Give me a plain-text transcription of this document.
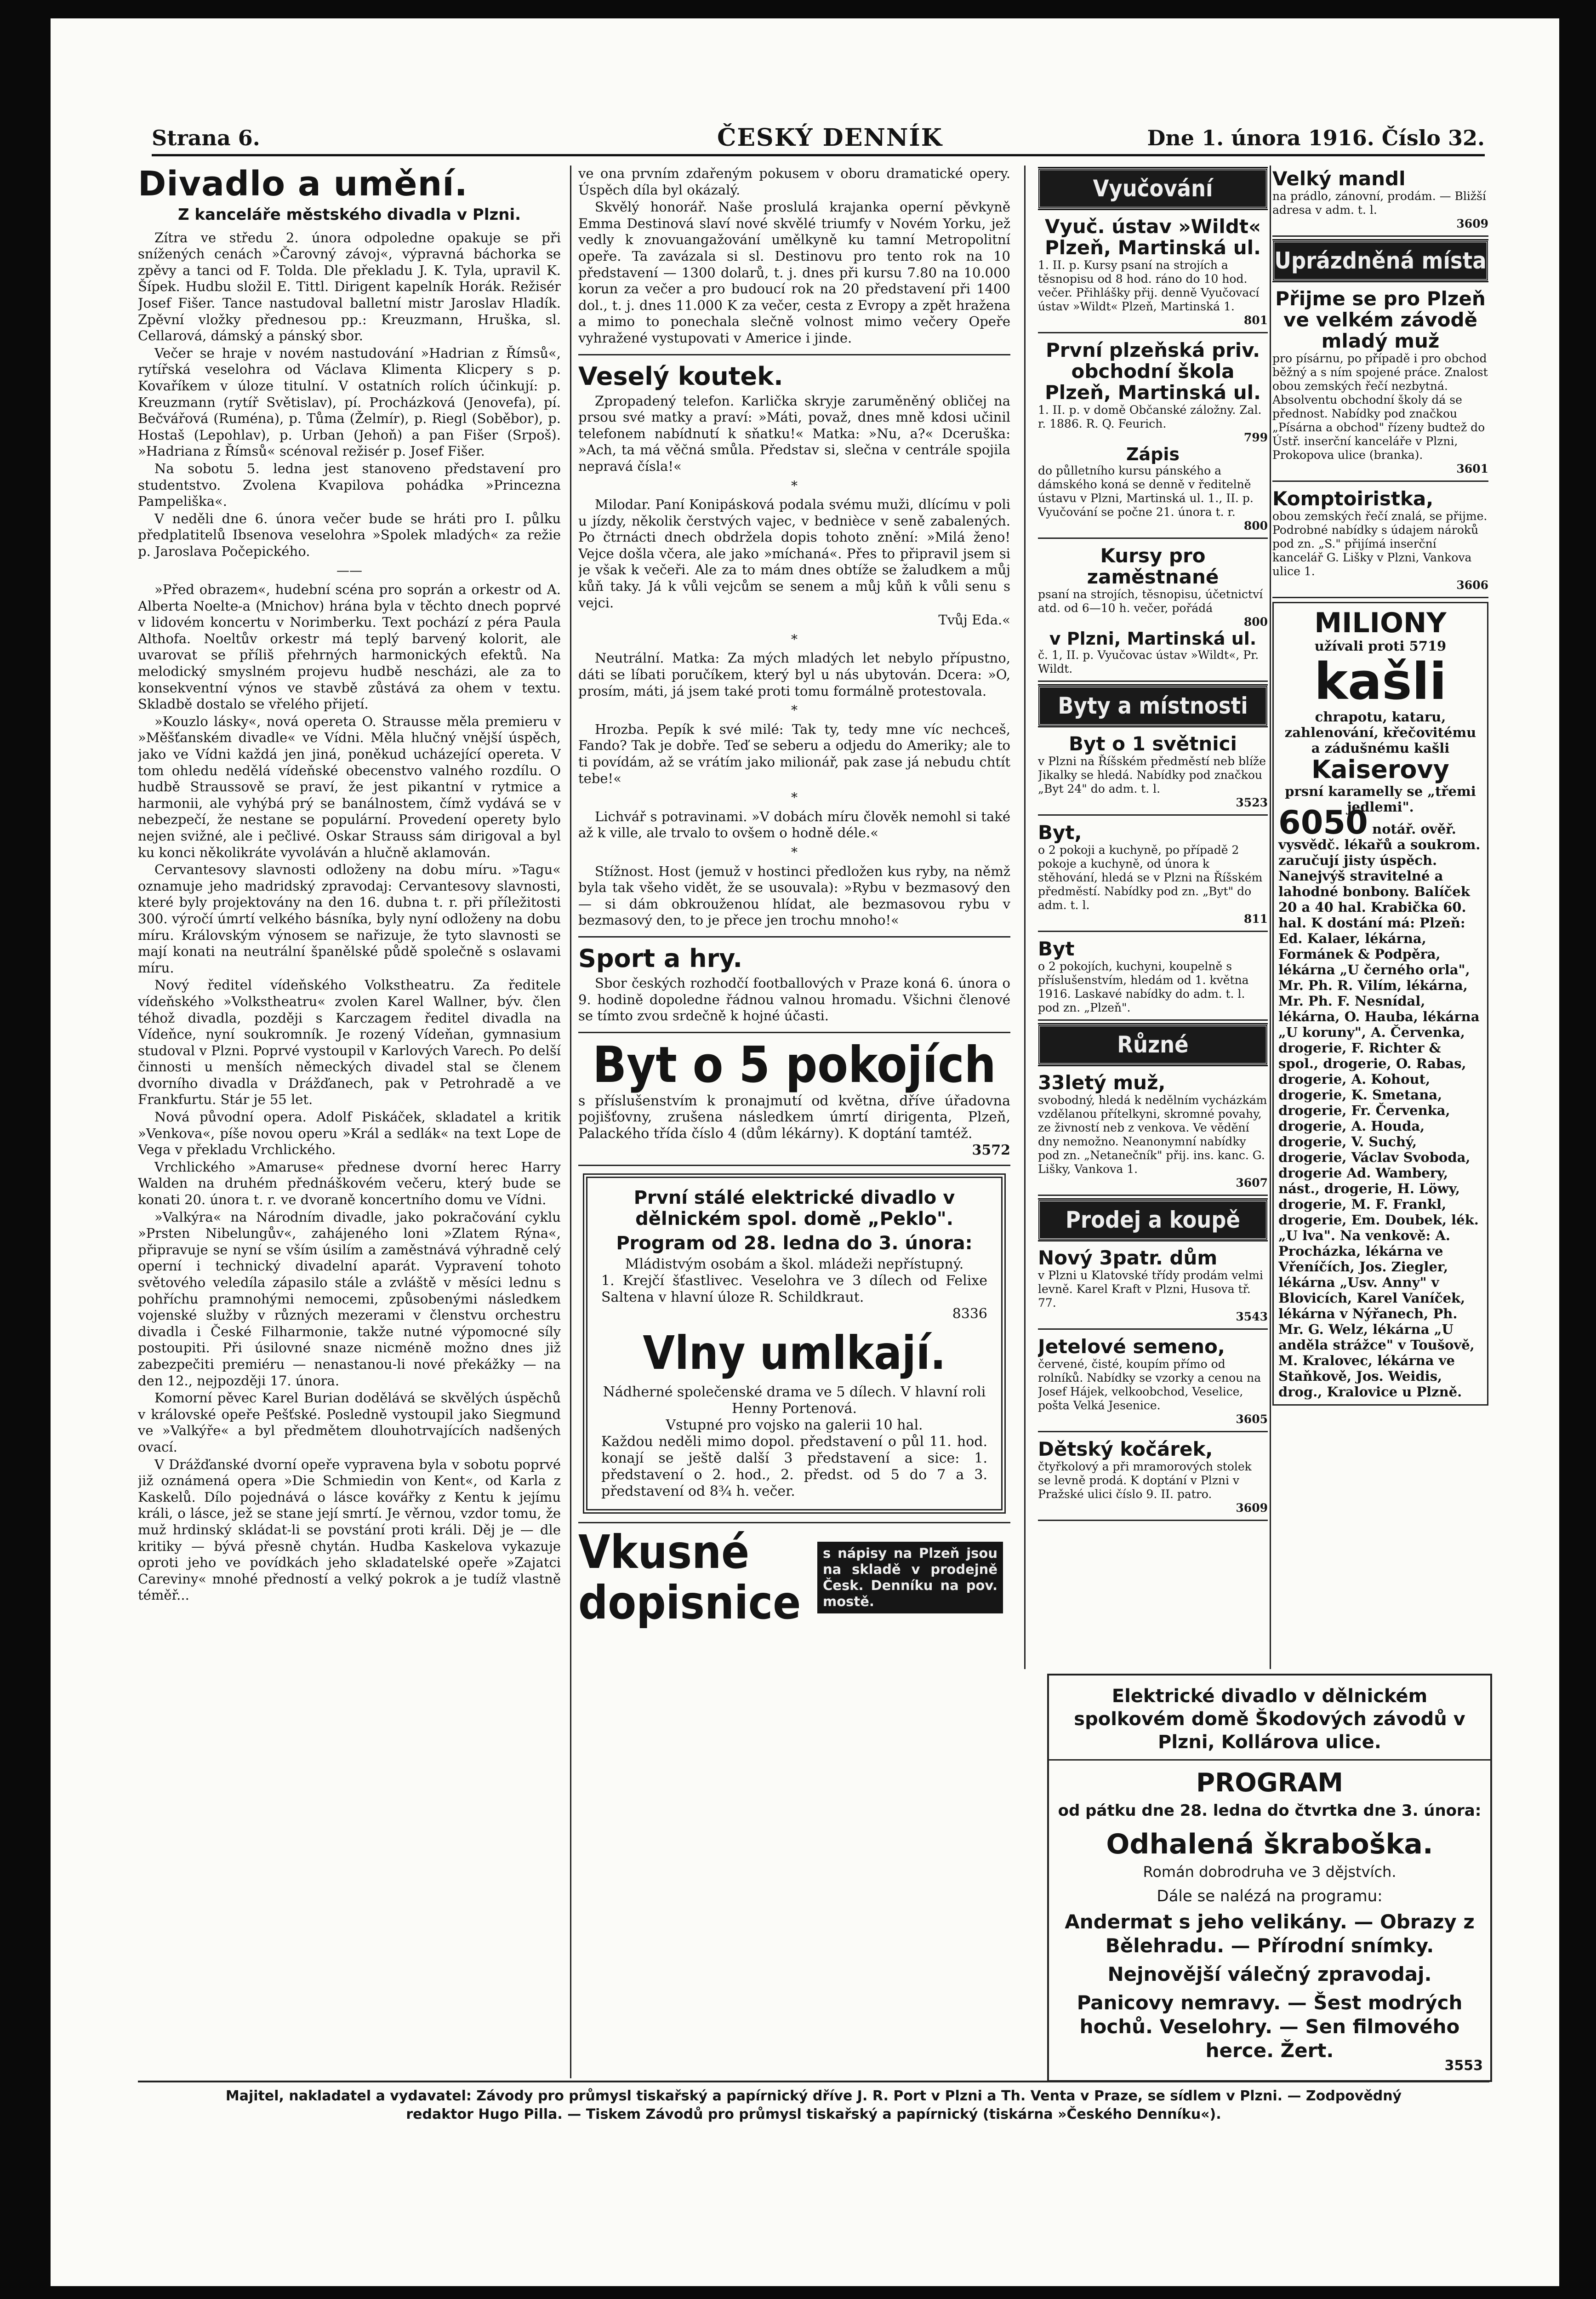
Strana 6.	ČESKÝ DENNÍK	Dne 1. února 1916. Číslo 32.
Divadlo a umění.
Z kanceláře městského divadla v Plzni.

Zítra ve středu 2. února odpoledne opakuje se při snížených cenách »Čarovný závoj«, výpravná báchorka se zpěvy a tanci od F. Tolda. Dle překladu J. K. Tyla, upravil K. Šípek. Hudbu složil E. Tittl. Dirigent kapelník Horák. Režisér Josef Fišer. Tance nastudoval balletní mistr Jaroslav Hladík. Zpěvní vložky přednesou pp.: Kreuzmann, Hruška, sl. Cellarová, dámský a pánský sbor.

Večer se hraje v novém nastudování »Hadrian z Římsů«, rytířská veselohra od Václava Klimenta Klicpery s p. Kovaříkem v úloze titulní. V ostatních rolích účinkují: p. Kreuzmann (rytíř Světislav), pí. Procházková (Jenovefa), pí. Bečvářová (Ruména), p. Tůma (Želmír), p. Riegl (Soběbor), p. Hostaš (Lepohlav), p. Urban (Jehoň) a pan Fišer (Srpoš). »Hadriana z Římsů« scénoval režisér p. Josef Fišer.

Na sobotu 5. ledna jest stanoveno představení pro studentstvo. Zvolena Kvapilova pohádka »Princezna Pampeliška«.

V neděli dne 6. února večer bude se hráti pro I. půlku předplatitelů Ibsenova veselohra »Spolek mladých« za režie p. Jaroslava Počepického.

——

»Před obrazem«, hudební scéna pro soprán a orkestr od A. Alberta Noelte-a (Mnichov) hrána byla v těchto dnech poprvé v lidovém koncertu v Norimberku. Text pochází z péra Paula Althofa. Noeltův orkestr má teplý barvený kolorit, ale uvarovat se příliš přehrných harmonických efektů. Na melodický smyslném projevu hudbě nescházi, ale za to konsekventní výnos ve stavbě zůstává za ohem v textu. Skladbě dostalo se vřelého přijetí.

»Kouzlo lásky«, nová opereta O. Strausse měla premieru v »Měšťanském divadle« ve Vídni. Měla hlučný vnější úspěch, jako ve Vídni každá jen jiná, poněkud ucházející opereta. V tom ohledu nedělá vídeňské obecenstvo valného rozdílu. O hudbě Straussově se praví, že jest pikantní v rytmice a harmonii, ale vyhýbá prý se banálnostem, čímž vydává se v nebezpečí, že nestane se populární. Provedení operety bylo nejen svižné, ale i pečlivé. Oskar Strauss sám dirigoval a byl ku konci několikráte vyvoláván a hlučně aklamován.

Cervantesovy slavnosti odloženy na dobu míru. »Tagu« oznamuje jeho madridský zpravodaj: Cervantesovy slavnosti, které byly projektovány na den 16. dubna t. r. při příležitosti 300. výročí úmrtí velkého básníka, byly nyní odloženy na dobu míru. Královským výnosem se nařizuje, že tyto slavnosti se mají konati na neutrální španělské půdě společně s oslavami míru.

Nový ředitel vídeňského Volkstheatru. Za ředitele vídeňského »Volkstheatru« zvolen Karel Wallner, býv. člen téhož divadla, později s Karczagem ředitel divadla na Vídeňce, nyní soukromník. Je rozený Vídeňan, gymnasium studoval v Plzni. Poprvé vystoupil v Karlových Varech. Po delší činnosti u menších německých divadel stal se členem dvorního divadla v Drážďanech, pak v Petrohradě a ve Frankfurtu. Stár je 55 let.

Nová původní opera. Adolf Piskáček, skladatel a kritik »Venkova«, píše novou operu »Král a sedlák« na text Lope de Vega v překladu Vrchlického.

Vrchlického »Amaruse« přednese dvorní herec Harry Walden na druhém přednáškovém večeru, který bude se konati 20. února t. r. ve dvoraně koncertního domu ve Vídni.

»Valkýra« na Národním divadle, jako pokračování cyklu »Prsten Nibelungův«, zahájeného loni »Zlatem Rýna«, připravuje se nyní se vším úsilím a zaměstnává výhradně celý operní i technický divadelní aparát. Vypravení tohoto světového veledíla zápasilo stále a zvláště v měsíci lednu s pohříchu pramnohými nemocemi, způsobenými následkem vojenské služby v různých mezerami v členstvu orchestru divadla i České Filharmonie, takže nutné výpomocné síly postoupiti. Při úsilovné snaze nicméně možno dnes již zabezpečiti premiéru — nenastanou-li nové překážky — na den 12., nejpozději 17. února.

Komorní pěvec Karel Burian dodělává se skvělých úspěchů v královské opeře Pešťské. Posledně vystoupil jako Siegmund ve »Valkýře« a byl předmětem dlouhotrvajících nadšených ovací.

V Drážďanské dvorní opeře vypravena byla v sobotu poprvé již oznámená opera »Die Schmiedin von Kent«, od Karla z Kaskelů. Dílo pojednává o lásce kovářky z Kentu k jejímu králi, o lásce, jež se stane její smrtí. Je věrnou, vzdor tomu, že muž hrdinský skládat-li se povstání proti králi. Děj je — dle kritiky — bývá přesně chytán. Hudba Kaskelova vykazuje oproti jeho ve povídkách jeho skladatelské opeře »Zajatci Careviny« mnohé předností a velký pokrok a je tudíž vlastně téměř...

ve ona prvním zdařeným pokusem v oboru dramatické opery. Úspěch díla byl okázalý.

Skvělý honorář. Naše proslulá krajanka operní pěvkyně Emma Destinová slaví nové skvělé triumfy v Novém Yorku, jež vedly k znovuangažování umělkyně ku tamní Metropolitní opeře. Ta zavázala si sl. Destinovu pro tento rok na 10 představení — 1300 dolarů, t. j. dnes při kursu 7.80 na 10.000 korun za večer a pro budoucí rok na 20 představení při 1400 dol., t. j. dnes 11.000 K za večer, cesta z Evropy a zpět hražena a mimo to ponechala slečně volnost mimo večery Opeře vyhražené vystupovati v Americe i jinde.

Veselý koutek.

Zpropadený telefon. Karlička skryje zaruměněný obličej na prsou své matky a praví: »Máti, považ, dnes mně kdosi učinil telefonem nabídnutí k sňatku!« Matka: »Nu, a?« Dceruška: »Ach, ta má věčná smůla. Představ si, slečna v centrále spojila nepravá čísla!«

*

Milodar. Paní Konipásková podala svému muži, dlícímu v poli u jízdy, několik čerstvých vajec, v bednièce v seně zabalených. Po čtrnácti dnech obdržela dopis tohoto znění: »Milá ženo! Vejce došla včera, ale jako »míchaná«. Přes to připravil jsem si je však k večeři. Ale za to mám dnes obtíže se žaludkem a můj kůň taky. Já k vůli vejcům se senem a můj kůň k vůli senu s vejci.

Tvůj Eda.«
*

Neutrální. Matka: Za mých mladých let nebylo přípustno, dáti se líbati poručíkem, který byl u nás ubytován. Dcera: »O, prosím, máti, já jsem také proti tomu formálně protestovala.

*

Hrozba. Pepík k své milé: Tak ty, tedy mne víc nechceš, Fando? Tak je dobře. Teď se seberu a odjedu do Ameriky; ale to ti povídám, až se vrátím jako milionář, pak zase já nebudu chtít tebe!«

*

Lichvář s potravinami. »V dobách míru člověk nemohl si také až k ville, ale trvalo to ovšem o hodně déle.«

*

Stížnost. Host (jemuž v hostinci předložen kus ryby, na němž byla tak všeho vidět, že se usouvala): »Rybu v bezmasový den — si dám obkrouženou hlídat, ale bezmasovou rybu v bezmasový den, to je přece jen trochu mnoho!«

Sport a hry.

Sbor českých rozhodčí footballových v Praze koná 6. února o 9. hodině dopoledne řádnou valnou hromadu. Všichni členové se tímto zvou srdečně k hojné účasti.

Byt o 5 pokojích
s příslušenstvím k pronajmutí od května, dříve úřadovna pojišťovny, zrušena následkem úmrtí dirigenta, Plzeň, Palackého třída číslo 4 (dům lékárny). K doptání tamtéž.
3572
První stálé elektrické divadlo v dělnickém spol. domě „Peklo".
Program od 28. ledna do 3. února:
Mládistvým osobám a škol. mládeži nepřístupný.
1. Krejčí šťastlivec. Veselohra ve 3 dílech od Felixe Saltena v hlavní úloze R. Schildkraut.
8336
Vlny umlkají.
Nádherné společenské drama ve 5 dílech. V hlavní roli Henny Portenová.
Vstupné pro vojsko na galerii 10 hal.
Každou neděli mimo dopol. představení o půl 11. hod. konají se ještě další 3 představení a sice: 1. představení o 2. hod., 2. předst. od 5 do 7 a 3. představení od 8¾ h. večer.
Vkusné dopisnice
s nápisy na Plzeň jsou na skladě v prodejně Česk. Denníku na pov. mostě.
Vyučování
Vyuč. ústav »Wildt« Plzeň, Martinská ul.
1. II. p. Kursy psaní na strojích a těsnopisu od 8 hod. ráno do 10 hod. večer. Přihlášky přij. denně Vyučovací ústav »Wildt« Plzeň, Martinská 1.
801
První plzeňská priv. obchodní škola Plzeň, Martinská ul.
1. II. p. v domě Občanské záložny. Zal. r. 1886. R. Q. Feurich.
799
Zápis
do půlletního kursu pánského a dámského koná se denně v ředitelně ústavu v Plzni, Martinská ul. 1., II. p. Vyučování se počne 21. února t. r.
800
Kursy pro zaměstnané
psaní na strojích, těsnopisu, účetnictví atd. od 6—10 h. večer, pořádá
800
v Plzni, Martinská ul.
č. 1, II. p. Vyučovac ústav »Wildt«, Pr. Wildt.
Byty a místnosti
Byt o 1 světnici
v Plzni na Říšském předměstí neb blíže Jikalky se hledá. Nabídky pod značkou „Byt 24" do adm. t. l.
3523
Byt,
o 2 pokoji a kuchyně, po případě 2 pokoje a kuchyně, od února k stěhování, hledá se v Plzni na Říšském předměstí. Nabídky pod zn. „Byt" do adm. t. l.
811
Byt
o 2 pokojích, kuchyni, koupelně s příslušenstvím, hledám od 1. května 1916. Laskavé nabídky do adm. t. l. pod zn. „Plzeň".
Různé
33letý muž,
svobodný, hledá k nedělním vycházkám vzdělanou přítelkyni, skromné povahy, ze živností neb z venkova. Ve vědění dny nemožno. Neanonymní nabídky pod zn. „Netanečník" přij. ins. kanc. G. Lišky, Vankova 1.
3607
Prodej a koupě
Nový 3patr. dům
v Plzni u Klatovské třídy prodám velmi levně. Karel Kraft v Plzni, Husova tř. 77.
3543
Jetelové semeno,
červené, čisté, koupím přímo od rolníků. Nabídky se vzorky a cenou na Josef Hájek, velkoobchod, Veselice, pošta Velká Jesenice.
3605
Dětský kočárek,
čtyřkolový a při mramorových stolek se levně prodá. K doptání v Plzni v Pražské ulici číslo 9. II. patro.
3609
Velký mandl
na prádlo, zánovní, prodám. — Bližší adresa v adm. t. l.
3609
Uprázdněná místa
Přijme se pro Plzeň ve velkém závodě mladý muž
pro písárnu, po případě i pro obchod běžný a s ním spojené práce. Znalost obou zemských řečí nezbytná. Absolventu obchodní školy dá se přednost. Nabídky pod značkou „Písárna a obchod" řízeny budtež do Ústř. inserční kanceláře v Plzni, Prokopova ulice (branka).
3601
Komptoiristka,
obou zemských řečí znalá, se přijme. Podrobné nabídky s údajem nároků pod zn. „S." přijímá inserční kancelář G. Lišky v Plzni, Vankova ulice 1.
3606
MILIONY
užívali proti 5719
kašli
chrapotu, kataru, zahlenování, křečovitému a zádušnému kašli
Kaiserovy
prsní karamelly se „třemi jedlemi".
6050 notář. ověř. vysvědč. lékařů a soukrom. zaručují jisty úspěch. Nanejvýš stravitelné a lahodné bonbony. Balíček 20 a 40 hal. Krabička 60. hal. K dostání má: Plzeň: Ed. Kalaer, lékárna, Formánek & Podpěra, lékárna „U černého orla", Mr. Ph. R. Vilím, lékárna, Mr. Ph. F. Nesnídal, lékárna, O. Hauba, lékárna „U koruny", A. Červenka, drogerie, F. Richter & spol., drogerie, O. Rabas, drogerie, A. Kohout, drogerie, K. Smetana, drogerie, Fr. Červenka, drogerie, A. Houda, drogerie, V. Suchý, drogerie, Václav Svoboda, drogerie Ad. Wambery, nást., drogerie, H. Löwy, drogerie, M. F. Frankl, drogerie, Em. Doubek, lék. „U lva". Na venkově: A. Procházka, lékárna ve Vřeníčích, Jos. Ziegler, lékárna „Usv. Anny" v Blovicích, Karel Vaníček, lékárna v Nýřanech, Ph. Mr. G. Welz, lékárna „U anděla strážce" v Toušově, M. Kralovec, lékárna ve Staňkově, Jos. Weidis, drog., Kralovice u Plzně.
Elektrické divadlo v dělnickém spolkovém domě Škodových závodů v Plzni, Kollárova ulice.
PROGRAM
od pátku dne 28. ledna do čtvrtka dne 3. února:
Odhalená škraboška.
Román dobrodruha ve 3 dějstvích.
Dále se nalézá na programu:
Andermat s jeho velikány. — Obrazy z Bělehradu. — Přírodní snímky.
Nejnovější válečný zpravodaj.
Panicovy nemravy. — Šest modrých hochů. Veselohry. — Sen filmového herce. Žert.
3553
Majitel, nakladatel a vydavatel: Závody pro průmysl tiskařský a papírnický dříve J. R. Port v Plzni a Th. Venta v Praze, se sídlem v Plzni. — Zodpovědný
redaktor Hugo Pilla. — Tiskem Závodů pro průmysl tiskařský a papírnický (tiskárna »Českého Denníku«).
